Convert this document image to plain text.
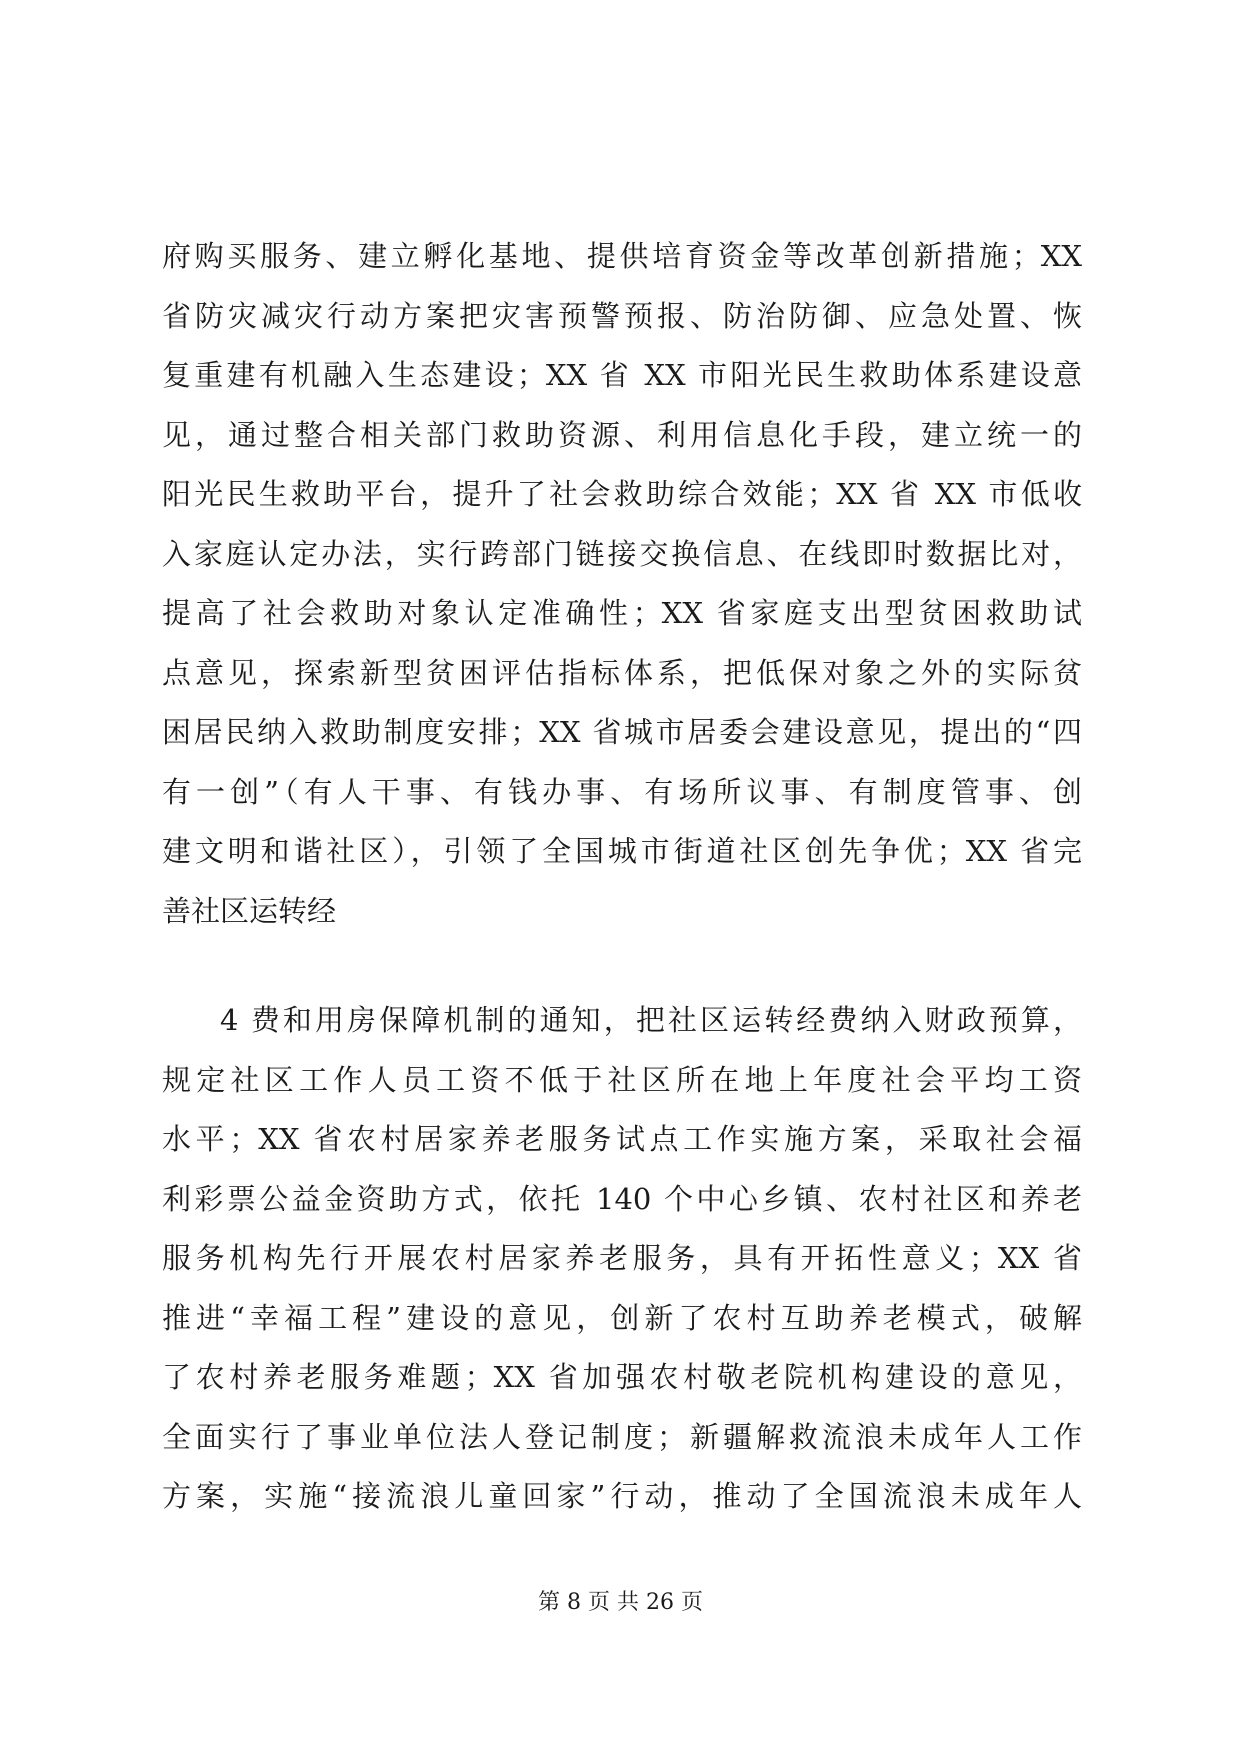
府购买服务、建立孵化基地、提供培育资金等改革创新措施；XX
省防灾减灾行动方案把灾害预警预报、防治防御、应急处置、恢
复重建有机融入生态建设；XX 省 XX 市阳光民生救助体系建设意
见，通过整合相关部门救助资源、利用信息化手段，建立统一的
阳光民生救助平台，提升了社会救助综合效能；XX 省 XX 市低收
入家庭认定办法，实行跨部门链接交换信息、在线即时数据比对，
提高了社会救助对象认定准确性；XX 省家庭支出型贫困救助试
点意见，探索新型贫困评估指标体系，把低保对象之外的实际贫
困居民纳入救助制度安排；XX 省城市居委会建设意见，提出的“四
有一创”（有人干事、有钱办事、有场所议事、有制度管事、创
建文明和谐社区），引领了全国城市街道社区创先争优；XX 省完
善社区运转经
4 费和用房保障机制的通知，把社区运转经费纳入财政预算，
规定社区工作人员工资不低于社区所在地上年度社会平均工资
水平；XX 省农村居家养老服务试点工作实施方案，采取社会福
利彩票公益金资助方式，依托 140 个中心乡镇、农村社区和养老
服务机构先行开展农村居家养老服务，具有开拓性意义；XX 省
推进“幸福工程”建设的意见，创新了农村互助养老模式，破解
了农村养老服务难题；XX 省加强农村敬老院机构建设的意见，
全面实行了事业单位法人登记制度；新疆解救流浪未成年人工作
方案，实施“接流浪儿童回家”行动，推动了全国流浪未成年人
第 8 页 共 26 页
